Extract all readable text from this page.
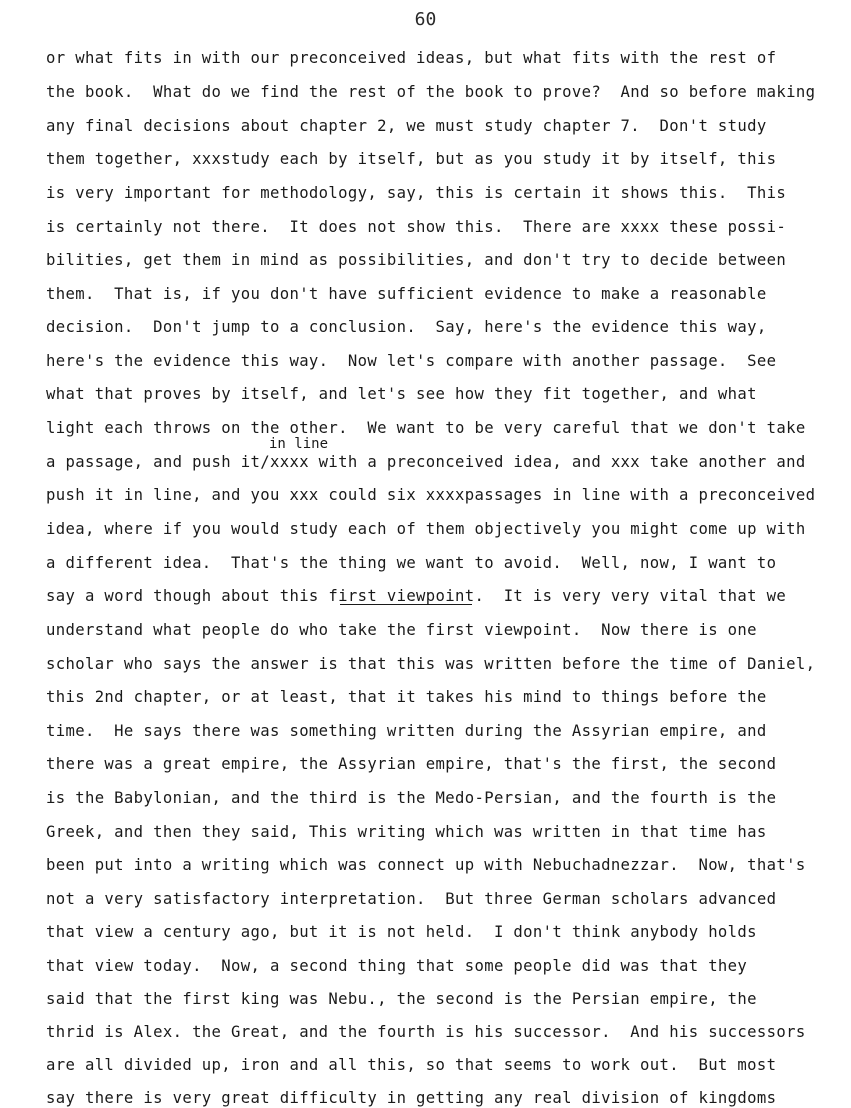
60
in line
or what fits in with our preconceived ideas, but what fits with the rest of
the book.  What do we find the rest of the book to prove?  And so before making
any final decisions about chapter 2, we must study chapter 7.  Don't study
them together, xxxstudy each by itself, but as you study it by itself, this
is very important for methodology, say, this is certain it shows this.  This
is certainly not there.  It does not show this.  There are xxxx these possi-
bilities, get them in mind as possibilities, and don't try to decide between
them.  That is, if you don't have sufficient evidence to make a reasonable
decision.  Don't jump to a conclusion.  Say, here's the evidence this way,
here's the evidence this way.  Now let's compare with another passage.  See
what that proves by itself, and let's see how they fit together, and what
light each throws on the other.  We want to be very careful that we don't take
a passage, and push it/xxxx with a preconceived idea, and xxx take another and
push it in line, and you xxx could six xxxxpassages in line with a preconceived
idea, where if you would study each of them objectively you might come up with
a different idea.  That's the thing we want to avoid.  Well, now, I want to
say a word though about this first viewpoint.  It is very very vital that we
understand what people do who take the first viewpoint.  Now there is one
scholar who says the answer is that this was written before the time of Daniel,
this 2nd chapter, or at least, that it takes his mind to things before the
time.  He says there was something written during the Assyrian empire, and
there was a great empire, the Assyrian empire, that's the first, the second
is the Babylonian, and the third is the Medo-Persian, and the fourth is the
Greek, and then they said, This writing which was written in that time has
been put into a writing which was connect up with Nebuchadnezzar.  Now, that's
not a very satisfactory interpretation.  But three German scholars advanced
that view a century ago, but it is not held.  I don't think anybody holds
that view today.  Now, a second thing that some people did was that they
said that the first king was Nebu., the second is the Persian empire, the
thrid is Alex. the Great, and the fourth is his successor.  And his successors
are all divided up, iron and all this, so that seems to work out.  But most
say there is very great difficulty in getting any real division of kingdoms
